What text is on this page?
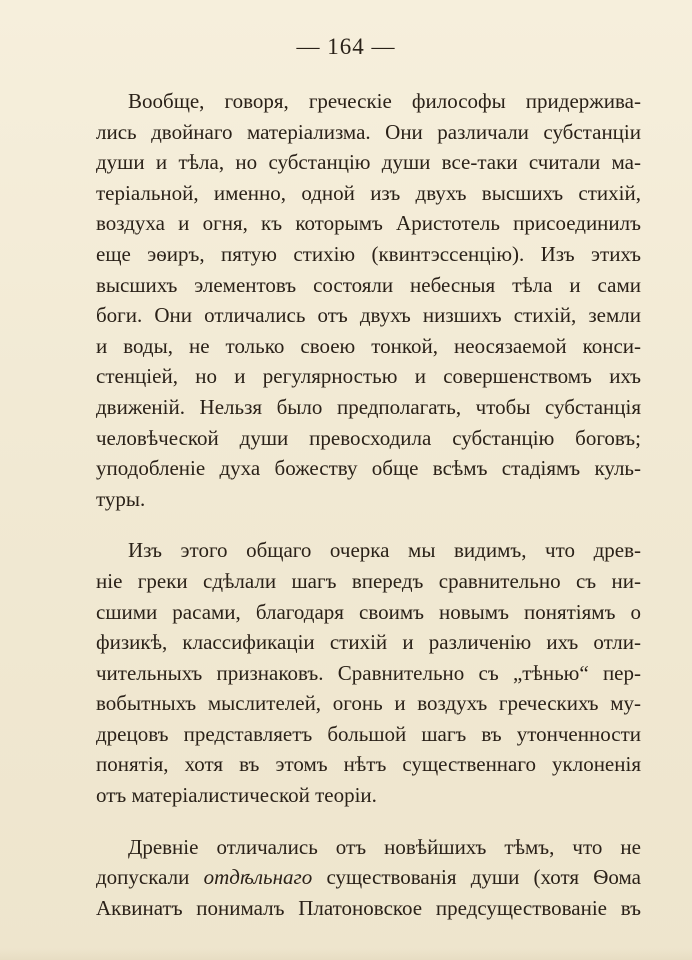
— 164 —

Вообще, говоря, греческіе философы придержива-
лись двойнаго матеріализма. Они различали субстанціи
души и тѣла, но субстанцію души все-таки считали ма-
теріальной, именно, одной изъ двухъ высшихъ стихій,
воздуха и огня, къ которымъ Аристотель присоединилъ
еще эѳиръ, пятую стихію (квинтэссенцію). Изъ этихъ
высшихъ элементовъ состояли небесныя тѣла и сами
боги. Они отличались отъ двухъ низшихъ стихій, земли
и воды, не только своею тонкой, неосязаемой конси-
стенціей, но и регулярностью и совершенствомъ ихъ
движеній. Нельзя было предполагать, чтобы субстанція
человѣческой души превосходила субстанцію боговъ;
уподобленіе духа божеству обще всѣмъ стадіямъ куль-
туры.

Изъ этого общаго очерка мы видимъ, что древ-
ніе греки сдѣлали шагъ впередъ сравнительно съ ни-
сшими расами, благодаря своимъ новымъ понятіямъ о
физикѣ, классификаціи стихій и различенію ихъ отли-
чительныхъ признаковъ. Сравнительно съ „тѣнью“ пер-
вобытныхъ мыслителей, огонь и воздухъ греческихъ му-
дрецовъ представляетъ большой шагъ въ утонченности
понятія, хотя въ этомъ нѣтъ существеннаго уклоненія
отъ матеріалистической теоріи.

Древніе отличались отъ новѣйшихъ тѣмъ, что не
допускали отдѣльнаго существованія души (хотя Ѳома
Аквинатъ понималъ Платоновское предсуществованіе въ
